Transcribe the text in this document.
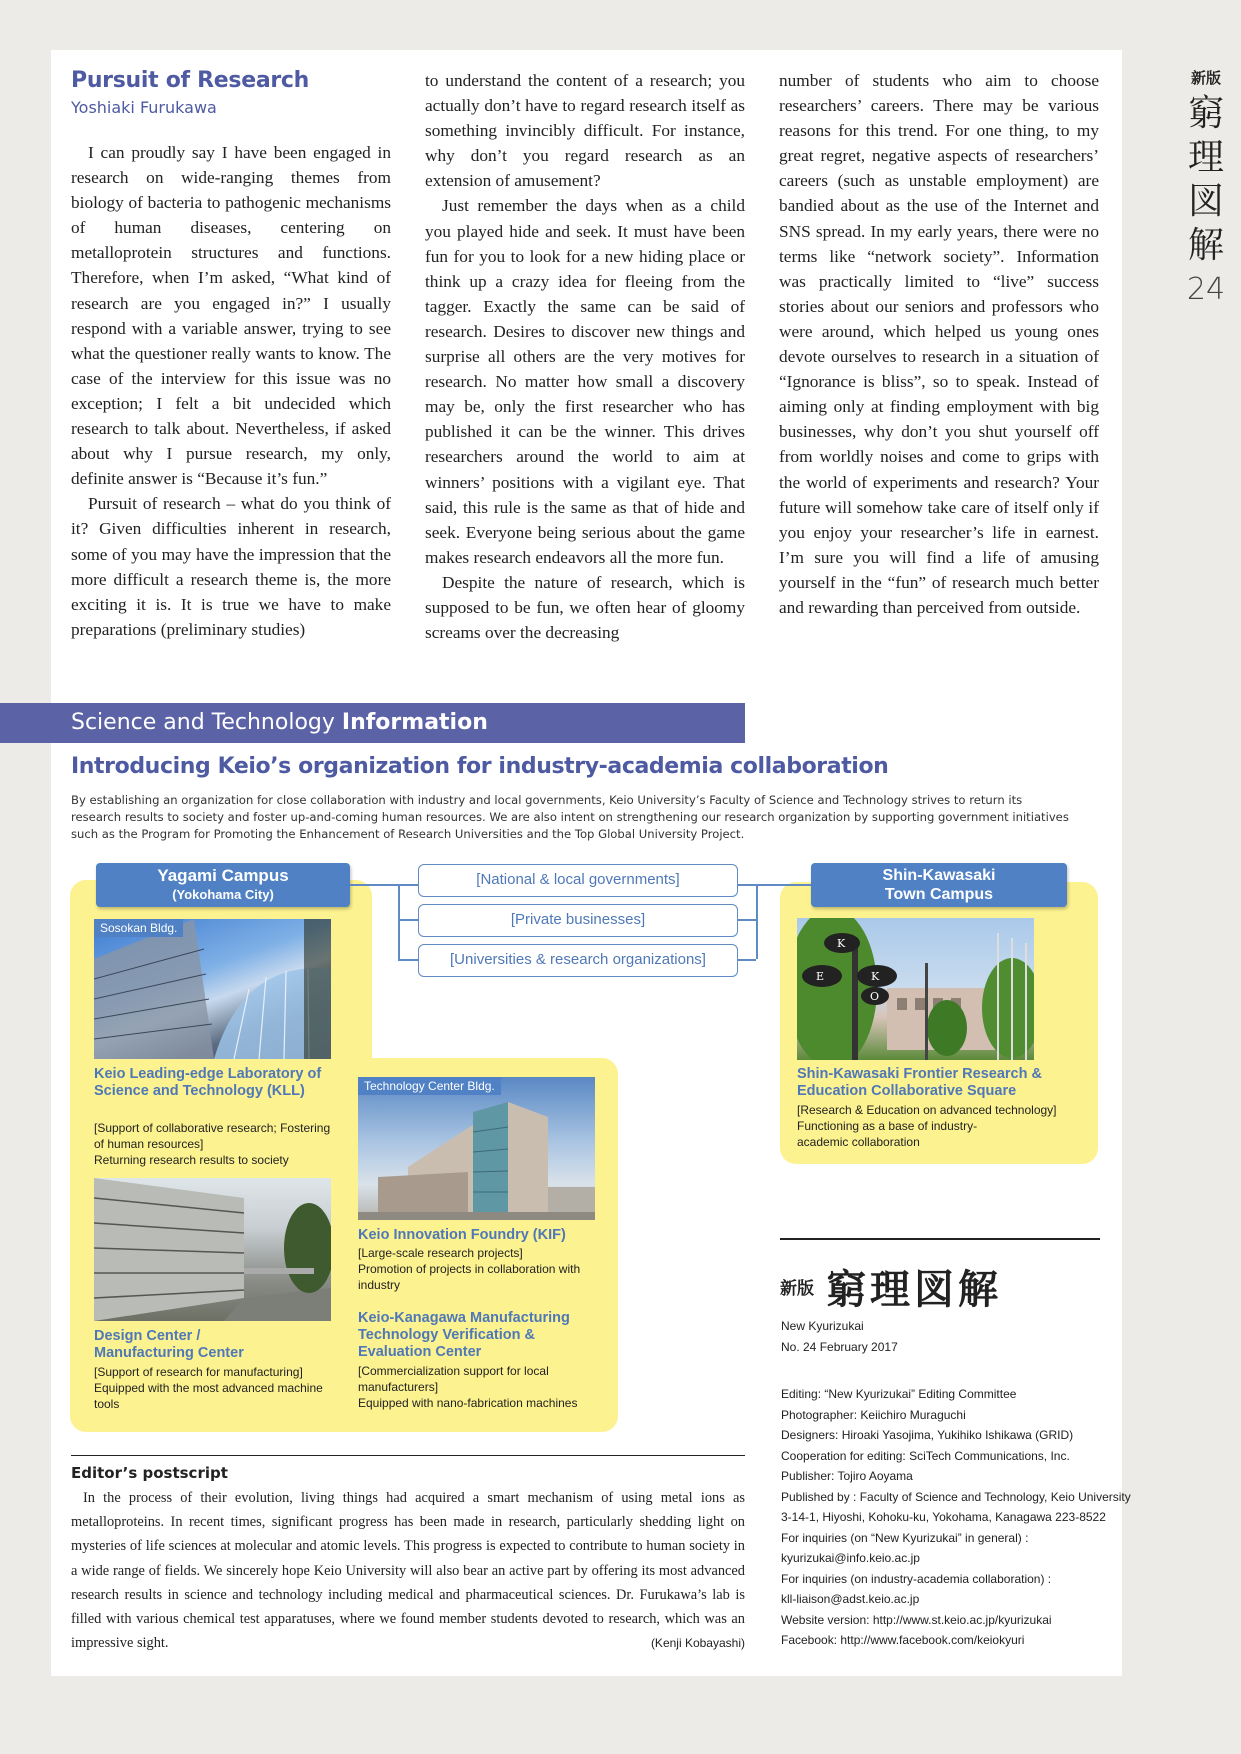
新版
窮
理
図
解
24
Pursuit of Research
Yoshiaki Furukawa

I can proudly say I have been engaged in research on wide-ranging themes from biology of bacteria to pathogenic mechanisms of human diseases, centering on metalloprotein structures and functions. Therefore, when I’m asked, “What kind of research are you engaged in?” I usually respond with a variable answer, trying to see what the questioner really wants to know. The case of the interview for this issue was no exception; I felt a bit undecided which research to talk about. Nevertheless, if asked about why I pursue research, my only, definite answer is “Because it’s fun.”

Pursuit of research – what do you think of it? Given difficulties inherent in research, some of you may have the impression that the more difficult a research theme is, the more exciting it is. It is true we have to make preparations (preliminary studies)

to understand the content of a research; you actually don’t have to regard research itself as something invincibly difficult. For instance, why don’t you regard research as an extension of amusement?

Just remember the days when as a child you played hide and seek. It must have been fun for you to look for a new hiding place or think up a crazy idea for fleeing from the tagger. Exactly the same can be said of research. Desires to discover new things and surprise all others are the very motives for research. No matter how small a discovery may be, only the first researcher who has published it can be the winner. This drives researchers around the world to aim at winners’ positions with a vigilant eye. That said, this rule is the same as that of hide and seek. Everyone being serious about the game makes research endeavors all the more fun.

Despite the nature of research, which is supposed to be fun, we often hear of gloomy screams over the decreasing

number of students who aim to choose researchers’ careers. There may be various reasons for this trend. For one thing, to my great regret, negative aspects of researchers’ careers (such as unstable employment) are bandied about as the use of the Internet and SNS spread. In my early years, there were no terms like “network society”. Information was practically limited to “live” success stories about our seniors and professors who were around, which helped us young ones devote ourselves to research in a situation of “Ignorance is bliss”, so to speak. Instead of aiming only at finding employment with big businesses, why don’t you shut yourself off from worldly noises and come to grips with the world of experiments and research? Your future will somehow take care of itself only if you enjoy your researcher’s life in earnest. I’m sure you will find a life of amusing yourself in the “fun” of research much better and rewarding than perceived from outside.

Science and Technology Information
Introducing Keio’s organization for industry-academia collaboration
By establishing an organization for close collaboration with industry and local governments, Keio University’s Faculty of Science and Technology strives to return its research results to society and foster up-and-coming human resources. We are also intent on strengthening our research organization by supporting government initiatives such as the Program for Promoting the Enhancement of Research Universities and the Top Global University Project.
Yagami Campus
(Yokohama City)
Shin-Kawasaki
Town Campus
[National & local governments]
[Private businesses]
[Universities & research organizations]
Sosokan Bldg.
Keio Leading-edge Laboratory of Science and Technology (KLL)
[Support of collaborative research; Fostering of human resources]
Returning research results to society
Design Center / Manufacturing Center
[Support of research for manufacturing]
Equipped with the most advanced machine tools
Technology Center Bldg.
Keio Innovation Foundry (KIF)
[Large-scale research projects]
Promotion of projects in collaboration with industry
Keio-Kanagawa Manufacturing Technology Verification & Evaluation Center
[Commercialization support for local manufacturers]
Equipped with nano-fabrication machines
K
E	K
O
Shin-Kawasaki Frontier Research & Education Collaborative Square
[Research & Education on advanced technology]
Functioning as a base of industry-academic collaboration
新版 窮理図解
New Kyurizukai
No. 24 February 2017
Editing: “New Kyurizukai” Editing Committee
Photographer: Keiichiro Muraguchi
Designers: Hiroaki Yasojima, Yukihiko Ishikawa (GRID)
Cooperation for editing: SciTech Communications, Inc.
Publisher: Tojiro Aoyama
Published by : Faculty of Science and Technology, Keio University
3-14-1, Hiyoshi, Kohoku-ku, Yokohama, Kanagawa 223-8522
For inquiries (on “New Kyurizukai” in general) :
kyurizukai@info.keio.ac.jp
For inquiries (on industry-academia collaboration) :
kll-liaison@adst.keio.ac.jp
Website version: http://www.st.keio.ac.jp/kyurizukai
Facebook: http://www.facebook.com/keiokyuri
Editor’s postscript
In the process of their evolution, living things had acquired a smart mechanism of using metal ions as metalloproteins. In recent times, significant progress has been made in research, particularly shedding light on mysteries of life sciences at molecular and atomic levels. This progress is expected to contribute to human society in a wide range of fields. We sincerely hope Keio University will also bear an active part by offering its most advanced research results in science and technology including medical and pharmaceutical sciences. Dr. Furukawa’s lab is filled with various chemical test apparatuses, where we found member students devoted to research, which was an impressive sight.	(Kenji Kobayashi)
